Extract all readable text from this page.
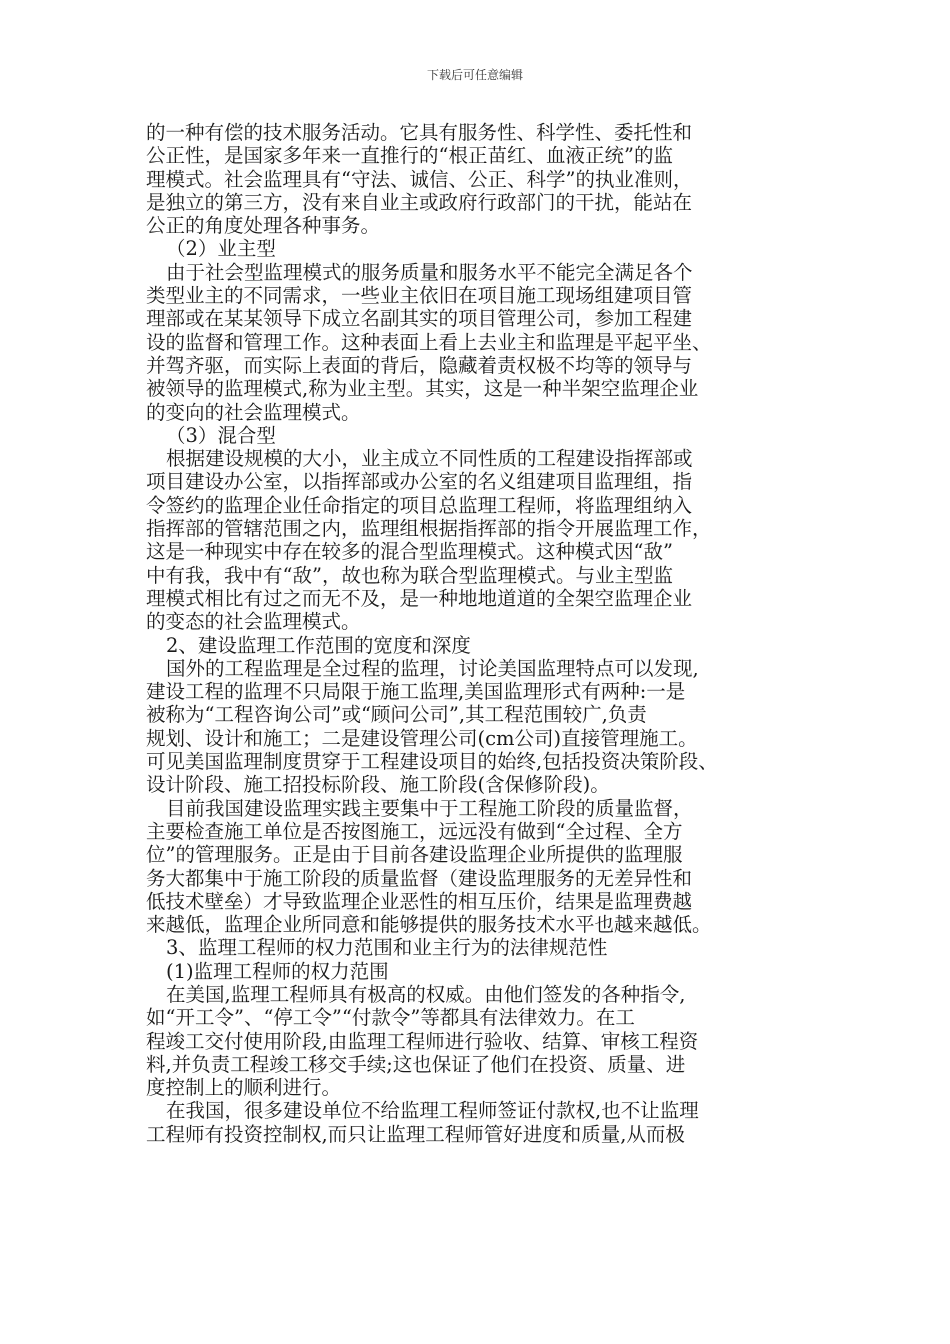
下载后可任意编辑
的一种有偿的技术服务活动。它具有服务性、科学性、委托性和
公正性，是国家多年来一直推行的“根正苗红、血液正统”的监
理模式。社会监理具有“守法、诚信、公正、科学”的执业准则，
是独立的第三方，没有来自业主或政府行政部门的干扰，能站在
公正的角度处理各种事务。
（2）业主型
由于社会型监理模式的服务质量和服务水平不能完全满足各个
类型业主的不同需求，一些业主依旧在项目施工现场组建项目管
理部或在某某领导下成立名副其实的项目管理公司，参加工程建
设的监督和管理工作。这种表面上看上去业主和监理是平起平坐、
并驾齐驱，而实际上表面的背后，隐藏着责权极不均等的领导与
被领导的监理模式,称为业主型。其实，这是一种半架空监理企业
的变向的社会监理模式。
（3）混合型
根据建设规模的大小，业主成立不同性质的工程建设指挥部或
项目建设办公室，以指挥部或办公室的名义组建项目监理组，指
令签约的监理企业任命指定的项目总监理工程师，将监理组纳入
指挥部的管辖范围之内，监理组根据指挥部的指令开展监理工作，
这是一种现实中存在较多的混合型监理模式。这种模式因“敌”
中有我，我中有“敌”，故也称为联合型监理模式。与业主型监
理模式相比有过之而无不及，是一种地地道道的全架空监理企业
的变态的社会监理模式。
2、建设监理工作范围的宽度和深度
国外的工程监理是全过程的监理，讨论美国监理特点可以发现,
建设工程的监理不只局限于施工监理,美国监理形式有两种:一是
被称为“工程咨询公司”或“顾问公司”,其工程范围较广,负责
规划、设计和施工；二是建设管理公司(cm公司)直接管理施工。
可见美国监理制度贯穿于工程建设项目的始终,包括投资决策阶段、
设计阶段、施工招投标阶段、施工阶段(含保修阶段)。
目前我国建设监理实践主要集中于工程施工阶段的质量监督，
主要检查施工单位是否按图施工，远远没有做到“全过程、全方
位”的管理服务。正是由于目前各建设监理企业所提供的监理服
务大都集中于施工阶段的质量监督（建设监理服务的无差异性和
低技术壁垒）才导致监理企业恶性的相互压价，结果是监理费越
来越低，监理企业所同意和能够提供的服务技术水平也越来越低。
3、监理工程师的权力范围和业主行为的法律规范性
(1)监理工程师的权力范围
在美国,监理工程师具有极高的权威。由他们签发的各种指令,
如“开工令”、“停工令”“付款令”等都具有法律效力。在工
程竣工交付使用阶段,由监理工程师进行验收、结算、审核工程资
料,并负责工程竣工移交手续;这也保证了他们在投资、质量、进
度控制上的顺利进行。
在我国，很多建设单位不给监理工程师签证付款权,也不让监理
工程师有投资控制权,而只让监理工程师管好进度和质量,从而极
